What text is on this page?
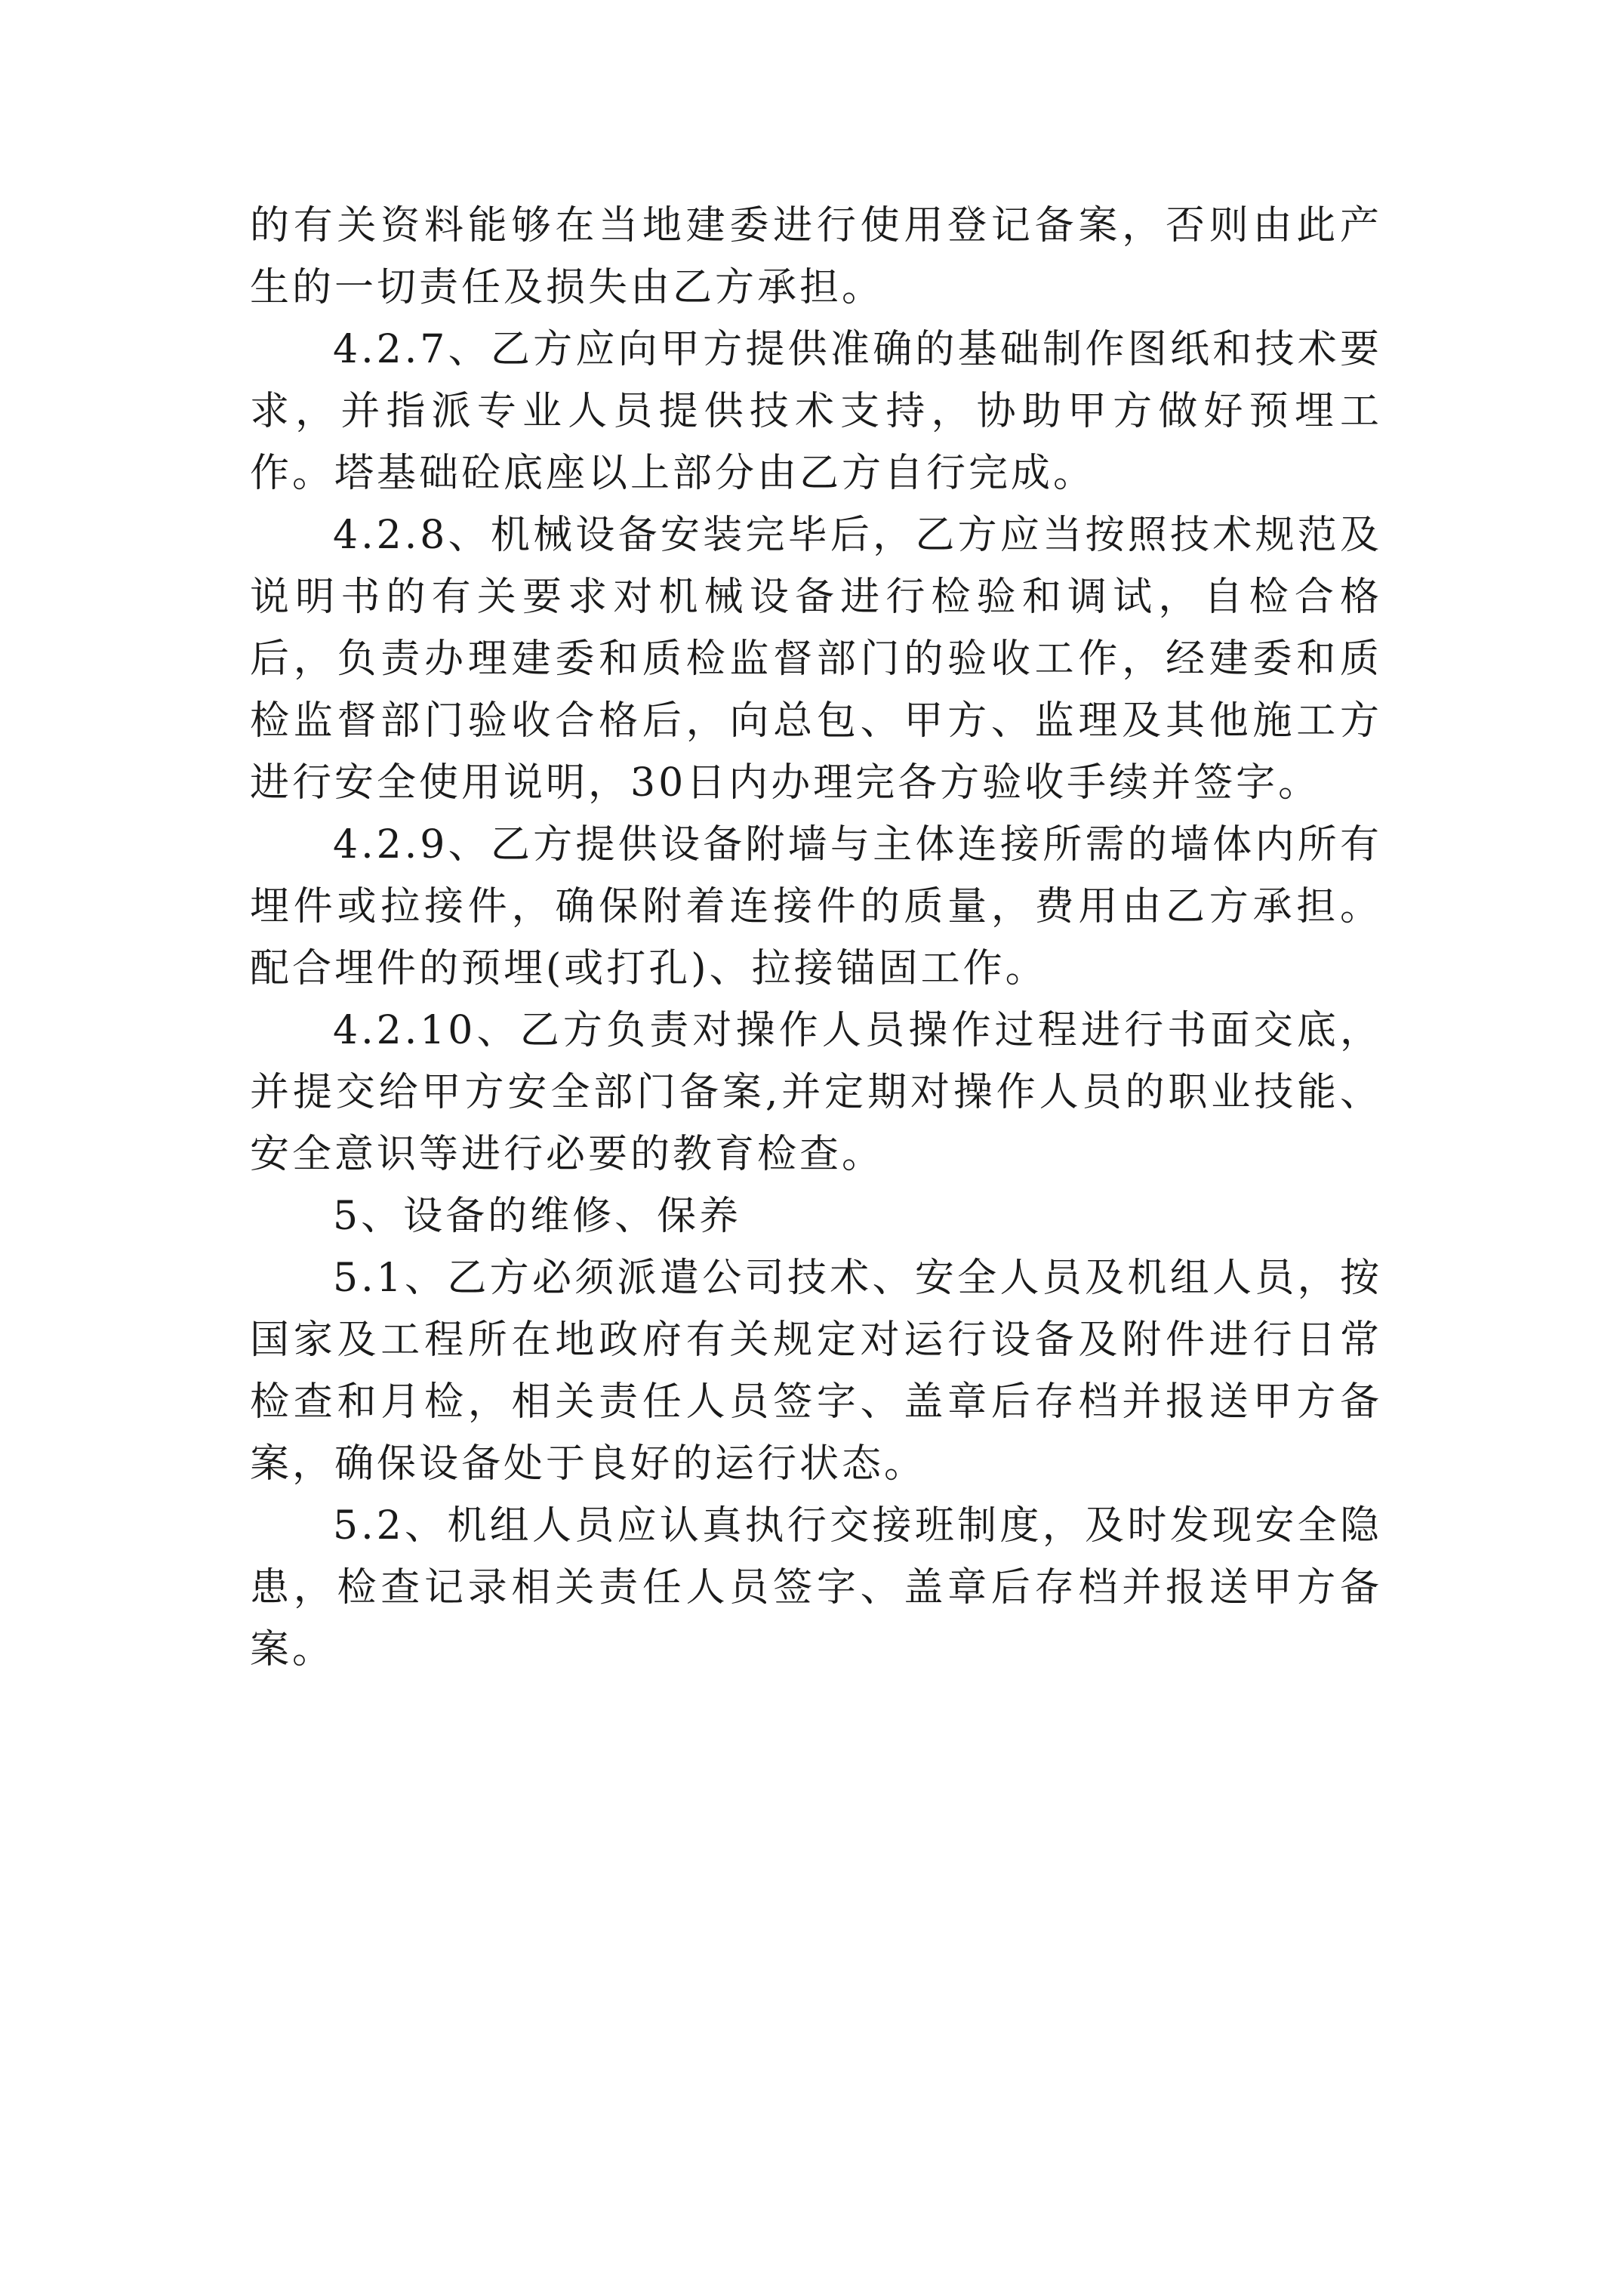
的有关资料能够在当地建委进行使用登记备案，否则由此产生的一切责任及损失由乙方承担。

4.2.7、乙方应向甲方提供准确的基础制作图纸和技术要求，并指派专业人员提供技术支持，协助甲方做好预埋工作。塔基础砼底座以上部分由乙方自行完成。

4.2.8、机械设备安装完毕后，乙方应当按照技术规范及说明书的有关要求对机械设备进行检验和调试，自检合格后，负责办理建委和质检监督部门的验收工作，经建委和质检监督部门验收合格后，向总包、甲方、监理及其他施工方进行安全使用说明，30日内办理完各方验收手续并签字。

4.2.9、乙方提供设备附墙与主体连接所需的墙体内所有埋件或拉接件，确保附着连接件的质量，费用由乙方承担。配合埋件的预埋(或打孔)、拉接锚固工作。

4.2.10、乙方负责对操作人员操作过程进行书面交底，并提交给甲方安全部门备案,并定期对操作人员的职业技能、安全意识等进行必要的教育检查。

5、设备的维修、保养

5.1、乙方必须派遣公司技术、安全人员及机组人员，按国家及工程所在地政府有关规定对运行设备及附件进行日常检查和月检，相关责任人员签字、盖章后存档并报送甲方备案，确保设备处于良好的运行状态。

5.2、机组人员应认真执行交接班制度，及时发现安全隐患，检查记录相关责任人员签字、盖章后存档并报送甲方备案。
